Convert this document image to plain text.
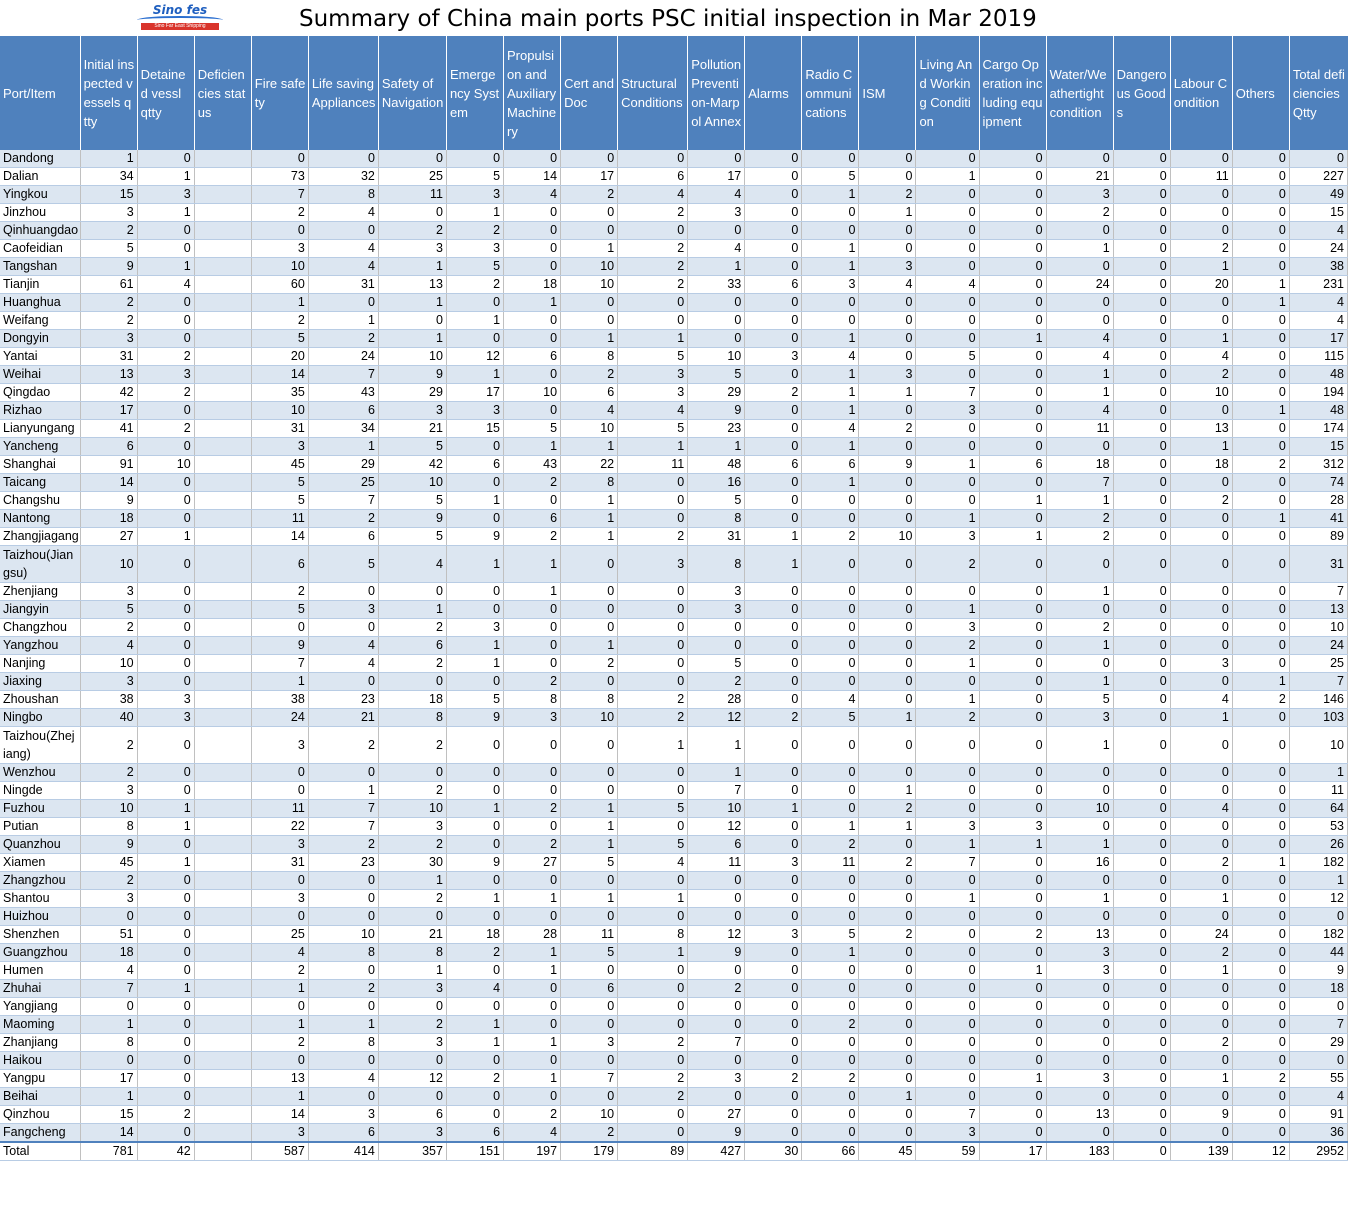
Sino fes
Sino Far East Shipping	Summary of China main ports PSC initial inspection in Mar 2019
Port/Item	Initial inspected vessels qtty	Detained vessl qtty	Deficiencies status	Fire safety	Life saving Appliances	Safety of Navigation	Emergency System	Propulsion and Auxiliary Machinery	Cert and Doc	Structural Conditions	Pollution Prevention-Marpol Annex	Alarms	Radio Communications	ISM	Living And Working Condition	Cargo Operation including equipment	Water/Weathertight condition	Dangerous Goods	Labour Condition	Others	Total deficiencies Qtty
Dandong	1	0		0	0	0	0	0	0	0	0	0	0	0	0	0	0	0	0	0	0
Dalian	34	1		73	32	25	5	14	17	6	17	0	5	0	1	0	21	0	11	0	227
Yingkou	15	3		7	8	11	3	4	2	4	4	0	1	2	0	0	3	0	0	0	49
Jinzhou	3	1		2	4	0	1	0	0	2	3	0	0	1	0	0	2	0	0	0	15
Qinhuangdao	2	0		0	0	2	2	0	0	0	0	0	0	0	0	0	0	0	0	0	4
Caofeidian	5	0		3	4	3	3	0	1	2	4	0	1	0	0	0	1	0	2	0	24
Tangshan	9	1		10	4	1	5	0	10	2	1	0	1	3	0	0	0	0	1	0	38
Tianjin	61	4		60	31	13	2	18	10	2	33	6	3	4	4	0	24	0	20	1	231
Huanghua	2	0		1	0	1	0	1	0	0	0	0	0	0	0	0	0	0	0	1	4
Weifang	2	0		2	1	0	1	0	0	0	0	0	0	0	0	0	0	0	0	0	4
Dongyin	3	0		5	2	1	0	0	1	1	0	0	1	0	0	1	4	0	1	0	17
Yantai	31	2		20	24	10	12	6	8	5	10	3	4	0	5	0	4	0	4	0	115
Weihai	13	3		14	7	9	1	0	2	3	5	0	1	3	0	0	1	0	2	0	48
Qingdao	42	2		35	43	29	17	10	6	3	29	2	1	1	7	0	1	0	10	0	194
Rizhao	17	0		10	6	3	3	0	4	4	9	0	1	0	3	0	4	0	0	1	48
Lianyungang	41	2		31	34	21	15	5	10	5	23	0	4	2	0	0	11	0	13	0	174
Yancheng	6	0		3	1	5	0	1	1	1	1	0	1	0	0	0	0	0	1	0	15
Shanghai	91	10		45	29	42	6	43	22	11	48	6	6	9	1	6	18	0	18	2	312
Taicang	14	0		5	25	10	0	2	8	0	16	0	1	0	0	0	7	0	0	0	74
Changshu	9	0		5	7	5	1	0	1	0	5	0	0	0	0	1	1	0	2	0	28
Nantong	18	0		11	2	9	0	6	1	0	8	0	0	0	1	0	2	0	0	1	41
Zhangjiagang	27	1		14	6	5	9	2	1	2	31	1	2	10	3	1	2	0	0	0	89
Taizhou(Jiangsu)	10	0		6	5	4	1	1	0	3	8	1	0	0	2	0	0	0	0	0	31
Zhenjiang	3	0		2	0	0	0	1	0	0	3	0	0	0	0	0	1	0	0	0	7
Jiangyin	5	0		5	3	1	0	0	0	0	3	0	0	0	1	0	0	0	0	0	13
Changzhou	2	0		0	0	2	3	0	0	0	0	0	0	0	3	0	2	0	0	0	10
Yangzhou	4	0		9	4	6	1	0	1	0	0	0	0	0	2	0	1	0	0	0	24
Nanjing	10	0		7	4	2	1	0	2	0	5	0	0	0	1	0	0	0	3	0	25
Jiaxing	3	0		1	0	0	0	2	0	0	2	0	0	0	0	0	1	0	0	1	7
Zhoushan	38	3		38	23	18	5	8	8	2	28	0	4	0	1	0	5	0	4	2	146
Ningbo	40	3		24	21	8	9	3	10	2	12	2	5	1	2	0	3	0	1	0	103
Taizhou(Zhejiang)	2	0		3	2	2	0	0	0	1	1	0	0	0	0	0	1	0	0	0	10
Wenzhou	2	0		0	0	0	0	0	0	0	1	0	0	0	0	0	0	0	0	0	1
Ningde	3	0		0	1	2	0	0	0	0	7	0	0	1	0	0	0	0	0	0	11
Fuzhou	10	1		11	7	10	1	2	1	5	10	1	0	2	0	0	10	0	4	0	64
Putian	8	1		22	7	3	0	0	1	0	12	0	1	1	3	3	0	0	0	0	53
Quanzhou	9	0		3	2	2	0	2	1	5	6	0	2	0	1	1	1	0	0	0	26
Xiamen	45	1		31	23	30	9	27	5	4	11	3	11	2	7	0	16	0	2	1	182
Zhangzhou	2	0		0	0	1	0	0	0	0	0	0	0	0	0	0	0	0	0	0	1
Shantou	3	0		3	0	2	1	1	1	1	0	0	0	0	1	0	1	0	1	0	12
Huizhou	0	0		0	0	0	0	0	0	0	0	0	0	0	0	0	0	0	0	0	0
Shenzhen	51	0		25	10	21	18	28	11	8	12	3	5	2	0	2	13	0	24	0	182
Guangzhou	18	0		4	8	8	2	1	5	1	9	0	1	0	0	0	3	0	2	0	44
Humen	4	0		2	0	1	0	1	0	0	0	0	0	0	0	1	3	0	1	0	9
Zhuhai	7	1		1	2	3	4	0	6	0	2	0	0	0	0	0	0	0	0	0	18
Yangjiang	0	0		0	0	0	0	0	0	0	0	0	0	0	0	0	0	0	0	0	0
Maoming	1	0		1	1	2	1	0	0	0	0	0	2	0	0	0	0	0	0	0	7
Zhanjiang	8	0		2	8	3	1	1	3	2	7	0	0	0	0	0	0	0	2	0	29
Haikou	0	0		0	0	0	0	0	0	0	0	0	0	0	0	0	0	0	0	0	0
Yangpu	17	0		13	4	12	2	1	7	2	3	2	2	0	0	1	3	0	1	2	55
Beihai	1	0		1	0	0	0	0	0	2	0	0	0	1	0	0	0	0	0	0	4
Qinzhou	15	2		14	3	6	0	2	10	0	27	0	0	0	7	0	13	0	9	0	91
Fangcheng	14	0		3	6	3	6	4	2	0	9	0	0	0	3	0	0	0	0	0	36
Total	781	42		587	414	357	151	197	179	89	427	30	66	45	59	17	183	0	139	12	2952
